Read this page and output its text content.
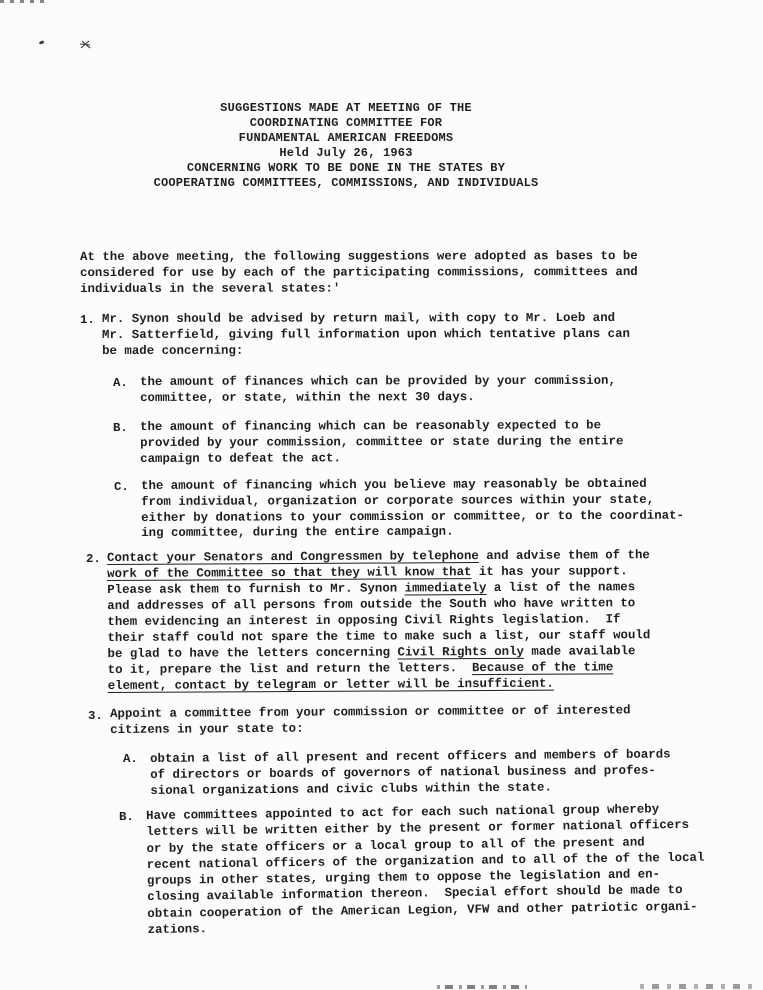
SUGGESTIONS MADE AT MEETING OF THE
COORDINATING COMMITTEE FOR
FUNDAMENTAL AMERICAN FREEDOMS
Held July 26, 1963
CONCERNING WORK TO BE DONE IN THE STATES BY
COOPERATING COMMITTEES, COMMISSIONS, AND INDIVIDUALS
At the above meeting, the following suggestions were adopted as bases to be
considered for use by each of the participating commissions, committees and
individuals in the several states:'
1. Mr. Synon should be advised by return mail, with copy to Mr. Loeb and
Mr. Satterfield, giving full information upon which tentative plans can
be made concerning:
A. the amount of finances which can be provided by your commission,
committee, or state, within the next 30 days.
B. the amount of financing which can be reasonably expected to be
provided by your commission, committee or state during the entire
campaign to defeat the act.
C. the amount of financing which you believe may reasonably be obtained
from individual, organization or corporate sources within your state,
either by donations to your commission or committee, or to the coordinat-
ing committee, during the entire campaign.
2. Contact your Senators and Congressmen by telephone and advise them of the
work of the Committee so that they will know that it has your support.
Please ask them to furnish to Mr. Synon immediately a list of the names
and addresses of all persons from outside the South who have written to
them evidencing an interest in opposing Civil Rights legislation.  If
their staff could not spare the time to make such a list, our staff would
be glad to have the letters concerning Civil Rights only made available
to it, prepare the list and return the letters.  Because of the time
element, contact by telegram or letter will be insufficient.
3. Appoint a committee from your commission or committee or of interested
citizens in your state to:
A. obtain a list of all present and recent officers and members of boards
of directors or boards of governors of national business and profes-
sional organizations and civic clubs within the state.
B. Have committees appointed to act for each such national group whereby
letters will be written either by the present or former national officers
or by the state officers or a local group to all of the present and
recent national officers of the organization and to all of the of the local
groups in other states, urging them to oppose the legislation and en-
closing available information thereon.  Special effort should be made to
obtain cooperation of the American Legion, VFW and other patriotic organi-
zations.
